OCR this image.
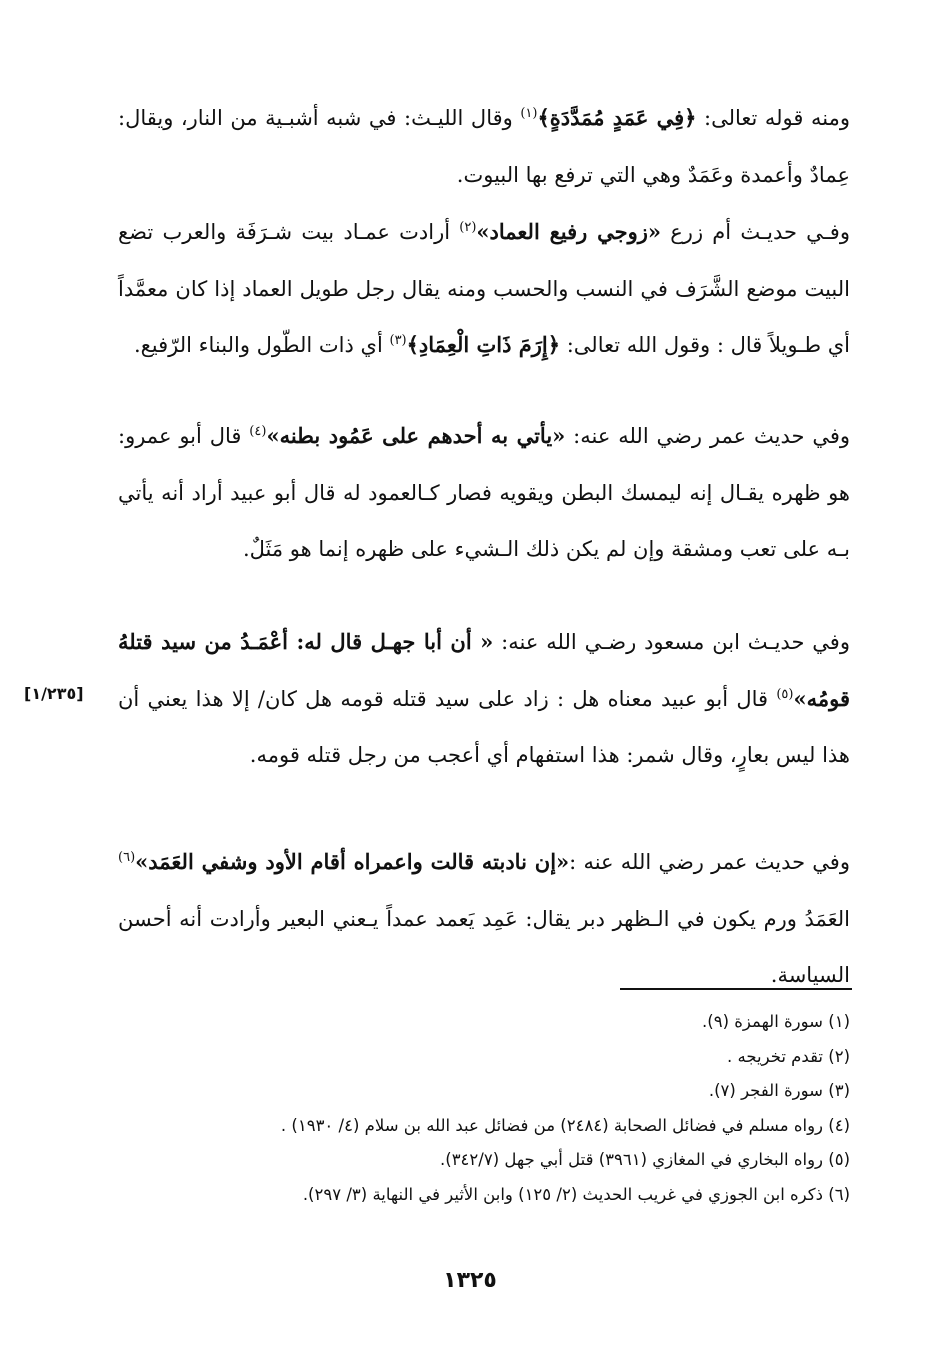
ومنه قوله تعالى: ﴿فِي عَمَدٍ مُمَدَّدَةٍ﴾$^{(١)}$ وقال الليـث: في شبه أشبـية من النار، ويقال: عِمادٌ وأعمدة وعَمَدٌ وهي التي ترفع بها البيوت.
وفـي حديـث أم زرع «زوجي رفيع العماد»$^{(٢)}$ أرادت عمـاد بيت شـرَفَة والعرب تضع البيت موضع الشَّرَف في النسب والحسب ومنه يقال رجل طويل العماد إذا كان معمَّداً أي طـويلاً قال : وقول الله تعالى: ﴿إِرَمَ ذَاتِ الْعِمَادِ﴾$^{(٣)}$ أي ذات الطّول والبناء الرّفيع.
وفي حديث عمر رضي الله عنه: «يأتي به أحدهم على عَمُود بطنه»$^{(٤)}$ قال أبو عمرو: هو ظهره يقـال إنه ليمسك البطن ويقويه فصار كـالعمود له قال أبو عبيد أراد أنه يأتي بـه على تعب ومشقة وإن لم يكن ذلك الـشيء على ظهره إنما هو مَثَلٌ.
وفي حديـث ابن مسعود رضـي الله عنه: « أن أبا جهـل قال له: أعْمَـدُ من سيد قتلهُ قومُه»$^{(٥)}$ قال أبو عبيد معناه هل : زاد على سيد قتله قومه هل كان/ إلا هذا يعني أن هذا ليس بعارٍ، وقال شمر: هذا استفهام أي أعجب من رجل قتله قومه.
وفي حديث عمر رضي الله عنه :«إن نادبته قالت واعمراه أقام الأود وشفي العَمَد»$^{(٦)}$ العَمَدُ ورم يكون في الـظهر دبر يقال: عَمِد يَعمد عمداً يـعني البعير وأرادت أنه أحسن السياسة.
[١/٢٣٥]
(١) سورة الهمزة (٩).
(٢) تقدم تخريجه .
(٣) سورة الفجر (٧).
(٤) رواه مسلم في فضائل الصحابة (٢٤٨٤) من فضائل عبد الله بن سلام (٤/ ١٩٣٠) .
(٥) رواه البخاري في المغازي (٣٩٦١) قتل أبي جهل (٣٤٢/٧).
(٦) ذكره ابن الجوزي في غريب الحديث (٢/ ١٢٥) وابن الأثير في النهاية (٣/ ٢٩٧).
١٣٢٥
